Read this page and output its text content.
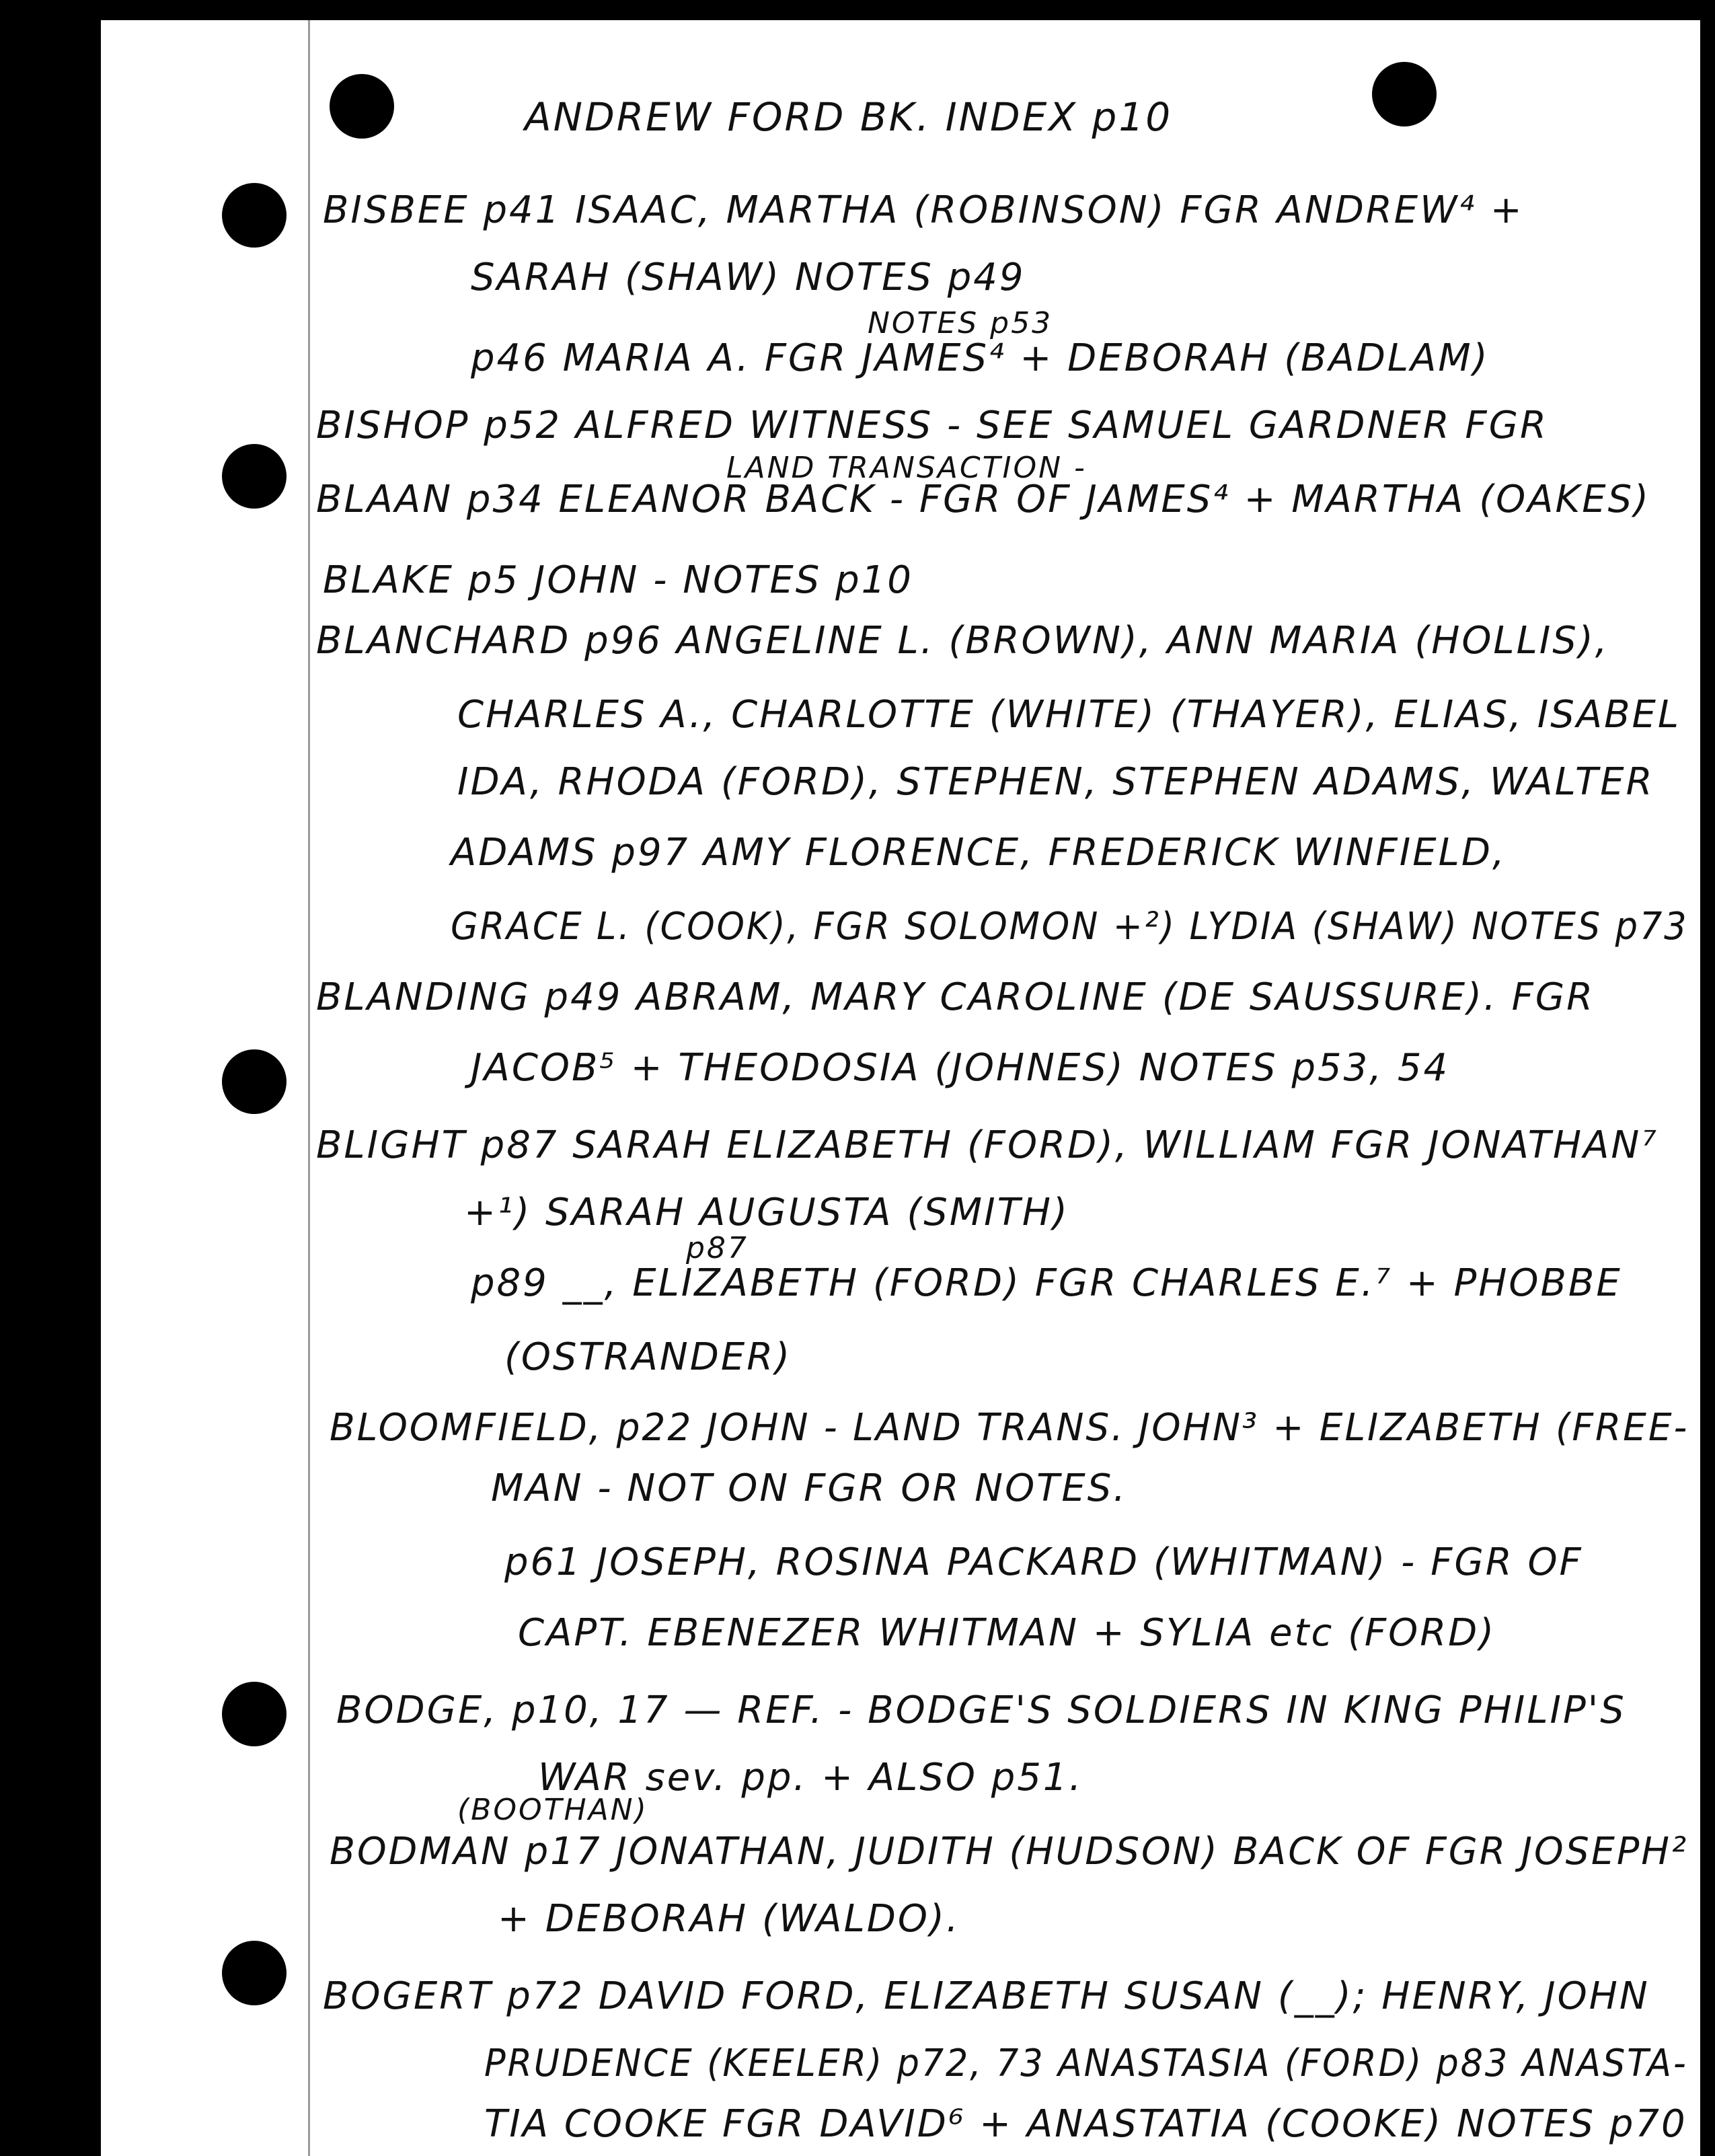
ANDREW FORD BK. INDEX p10
BISBEE p41 ISAAC, MARTHA (ROBINSON) FGR ANDREW⁴ +
SARAH (SHAW) NOTES p49
NOTES p53
p46 MARIA A. FGR JAMES⁴ + DEBORAH (BADLAM)
BISHOP p52 ALFRED WITNESS - SEE SAMUEL GARDNER FGR
LAND TRANSACTION -
BLAAN p34 ELEANOR BACK - FGR OF JAMES⁴ + MARTHA (OAKES)
BLAKE p5 JOHN - NOTES p10
BLANCHARD p96 ANGELINE L. (BROWN), ANN MARIA (HOLLIS),
CHARLES A., CHARLOTTE (WHITE) (THAYER), ELIAS, ISABEL
IDA, RHODA (FORD), STEPHEN, STEPHEN ADAMS, WALTER
ADAMS p97 AMY FLORENCE, FREDERICK WINFIELD,
GRACE L. (COOK), FGR SOLOMON +²) LYDIA (SHAW) NOTES p73
BLANDING p49 ABRAM, MARY CAROLINE (DE SAUSSURE). FGR
JACOB⁵ + THEODOSIA (JOHNES) NOTES p53, 54
BLIGHT p87 SARAH ELIZABETH (FORD), WILLIAM FGR JONATHAN⁷
+¹) SARAH AUGUSTA (SMITH)
p87
p89 __, ELIZABETH (FORD) FGR CHARLES E.⁷ + PHOBBE
(OSTRANDER)
BLOOMFIELD, p22 JOHN - LAND TRANS. JOHN³ + ELIZABETH (FREE-
MAN - NOT ON FGR OR NOTES.
p61 JOSEPH, ROSINA PACKARD (WHITMAN) - FGR OF
CAPT. EBENEZER WHITMAN + SYLIA etc (FORD)
BODGE, p10, 17 — REF. - BODGE'S SOLDIERS IN KING PHILIP'S
WAR sev. pp. + ALSO p51.
(BOOTHAN)
BODMAN p17 JONATHAN, JUDITH (HUDSON) BACK OF FGR JOSEPH²
+ DEBORAH (WALDO).
BOGERT p72 DAVID FORD, ELIZABETH SUSAN (__); HENRY, JOHN
PRUDENCE (KEELER) p72, 73 ANASTASIA (FORD) p83 ANASTA-
TIA COOKE FGR DAVID⁶ + ANASTATIA (COOKE) NOTES p70
